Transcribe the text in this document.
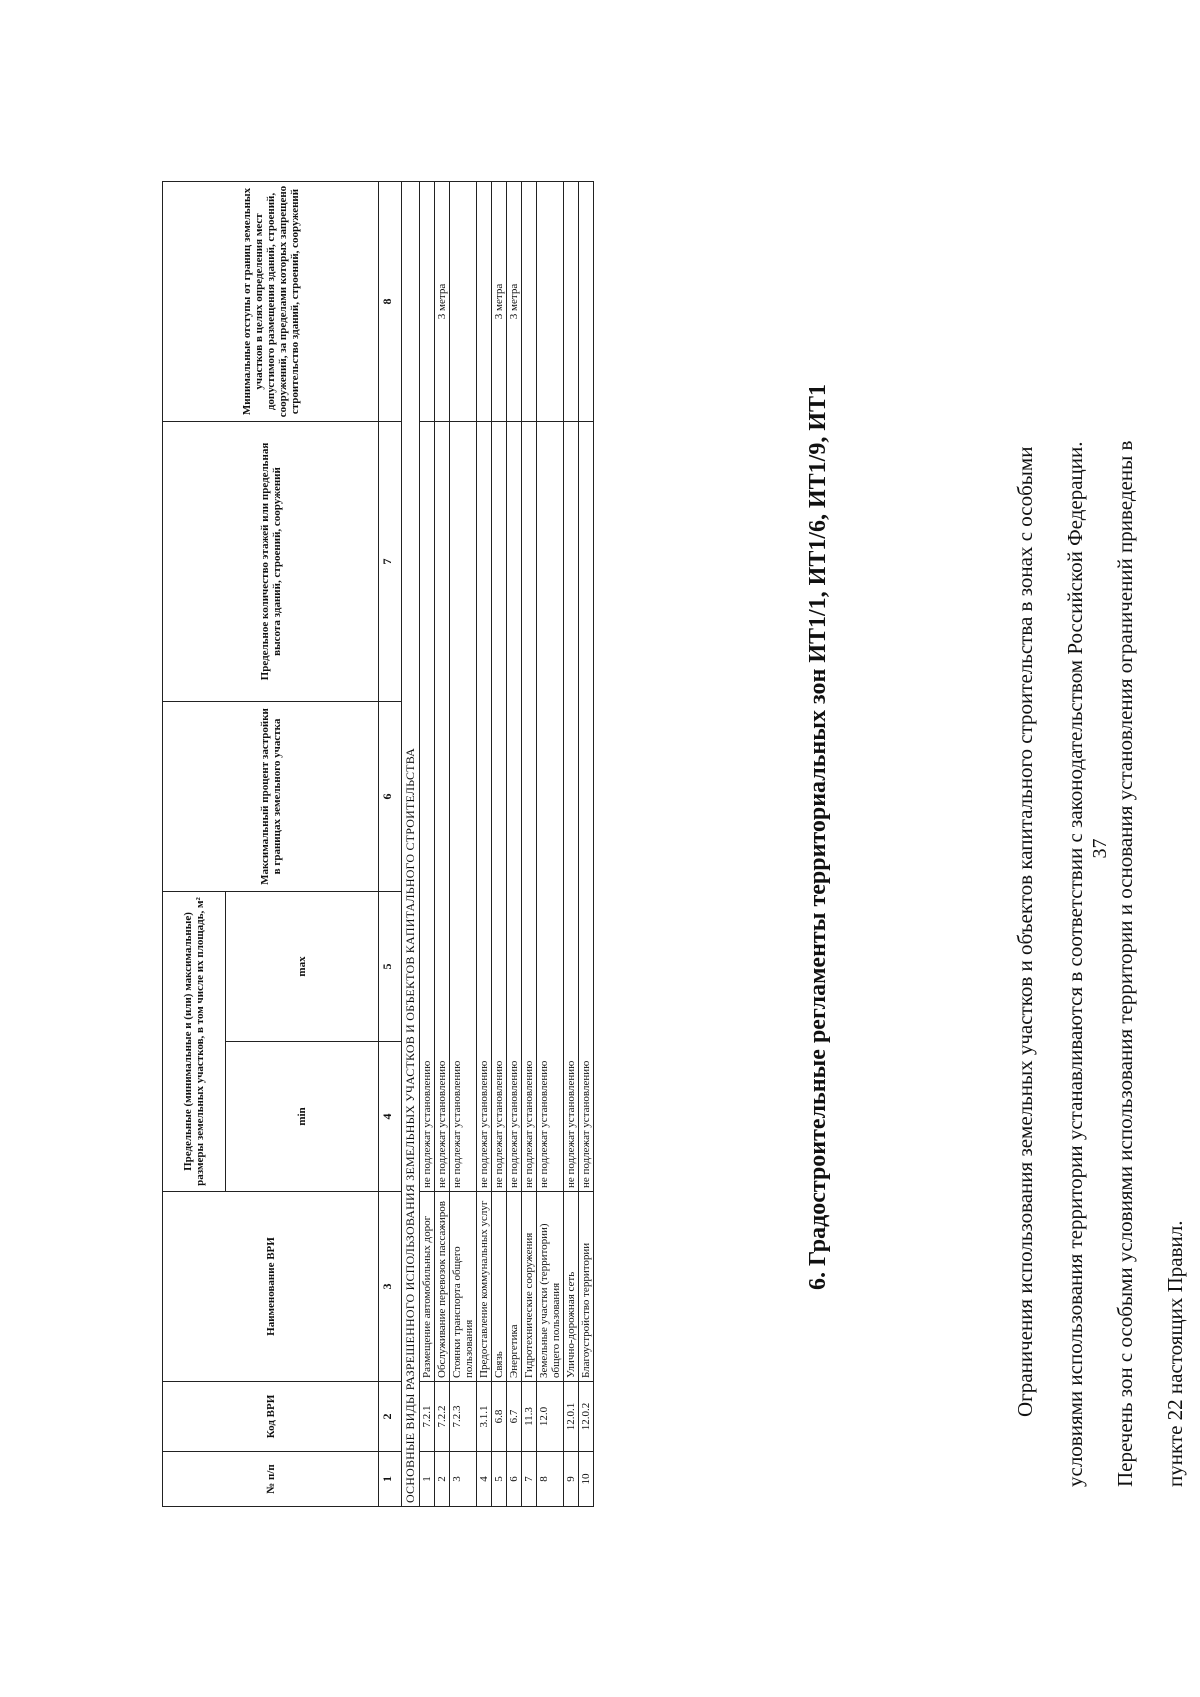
37
Ограничения использования земельных участков и объектов капитального строительства в зонах с особыми	условиями использования территории устанавливаются в соответствии с законодательством Российской Федерации.	Перечень зон с особыми условиями использования территории и основания установления ограничений приведены в	пункте 22 настоящих Правил.
6. Градостроительные регламенты территориальных зон ИТ1/1, ИТ1/6, ИТ1/9, ИТ1
№ п/п	Код ВРИ	Наименование ВРИ	Предельные (минимальные и (или) максимальные) размеры земельных участков, в том числе их площадь, м²		Максимальный процент застройки в границах земельного участка	Предельное количество этажей или предельная высота зданий, строений, сооружений	Минимальные отступы от границ земельных участков в целях определения мест допустимого размещения зданий, строений, сооружений, за пределами которых запрещено строительство зданий, строений, сооружений
			min	max			
1	2	3	4	5	6	7	8
ОСНОВНЫЕ ВИДЫ РАЗРЕШЕННОГО ИСПОЛЬЗОВАНИЯ ЗЕМЕЛЬНЫХ УЧАСТКОВ И ОБЪЕКТОВ КАПИТАЛЬНОГО СТРОИТЕЛЬСТВА							
1	7.2.1	Размещение автомобильных дорог	не подлежат установлению				
2	7.2.2	Обслуживание перевозок пассажиров	не подлежат установлению				3 метра
3	7.2.3	Стоянки транспорта общего пользования	не подлежат установлению				
4	3.1.1	Предоставление коммунальных услуг	не подлежат установлению				
5	6.8	Связь	не подлежат установлению				3 метра
6	6.7	Энергетика	не подлежат установлению				3 метра
7	11.3	Гидротехнические сооружения	не подлежат установлению				
8	12.0	Земельные участки (территории) общего пользования	не подлежат установлению				
9	12.0.1	Улично-дорожная сеть	не подлежат установлению				
10	12.0.2	Благоустройство территории	не подлежат установлению				
